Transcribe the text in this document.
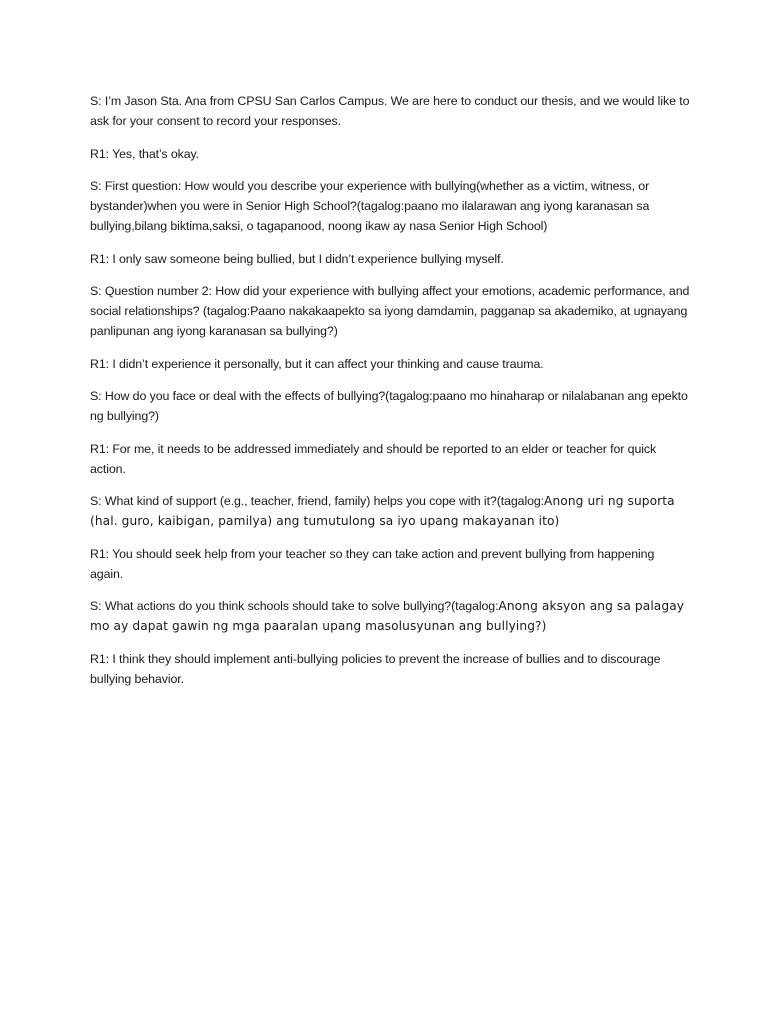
S: I’m Jason Sta. Ana from CPSU San Carlos Campus. We are here to conduct our thesis, and we would like to ask for your consent to record your responses.

R1: Yes, that’s okay.

S: First question: How would you describe your experience with bullying(whether as a victim, witness, or bystander)when you were in Senior High School?(tagalog:paano mo ilalarawan ang iyong karanasan sa bullying,bilang biktima,saksi, o tagapanood, noong ikaw ay nasa Senior High School)

R1: I only saw someone being bullied, but I didn’t experience bullying myself.

S: Question number 2: How did your experience with bullying affect your emotions, academic performance, and social relationships? (tagalog:Paano nakakaapekto sa iyong damdamin, pagganap sa akademiko, at ugnayang panlipunan ang iyong karanasan sa bullying?)

R1: I didn’t experience it personally, but it can affect your thinking and cause trauma.

S: How do you face or deal with the effects of bullying?(tagalog:paano mo hinaharap or nilalabanan ang epekto ng bullying?)

R1: For me, it needs to be addressed immediately and should be reported to an elder or teacher for quick action.

S: What kind of support (e.g., teacher, friend, family) helps you cope with it?(tagalog:Anong uri ng suporta (hal. guro, kaibigan, pamilya) ang tumutulong sa iyo upang makayanan ito)

R1: You should seek help from your teacher so they can take action and prevent bullying from happening again.

S: What actions do you think schools should take to solve bullying?(tagalog:Anong aksyon ang sa palagay mo ay dapat gawin ng mga paaralan upang masolusyunan ang bullying?)

R1: I think they should implement anti-bullying policies to prevent the increase of bullies and to discourage bullying behavior.
